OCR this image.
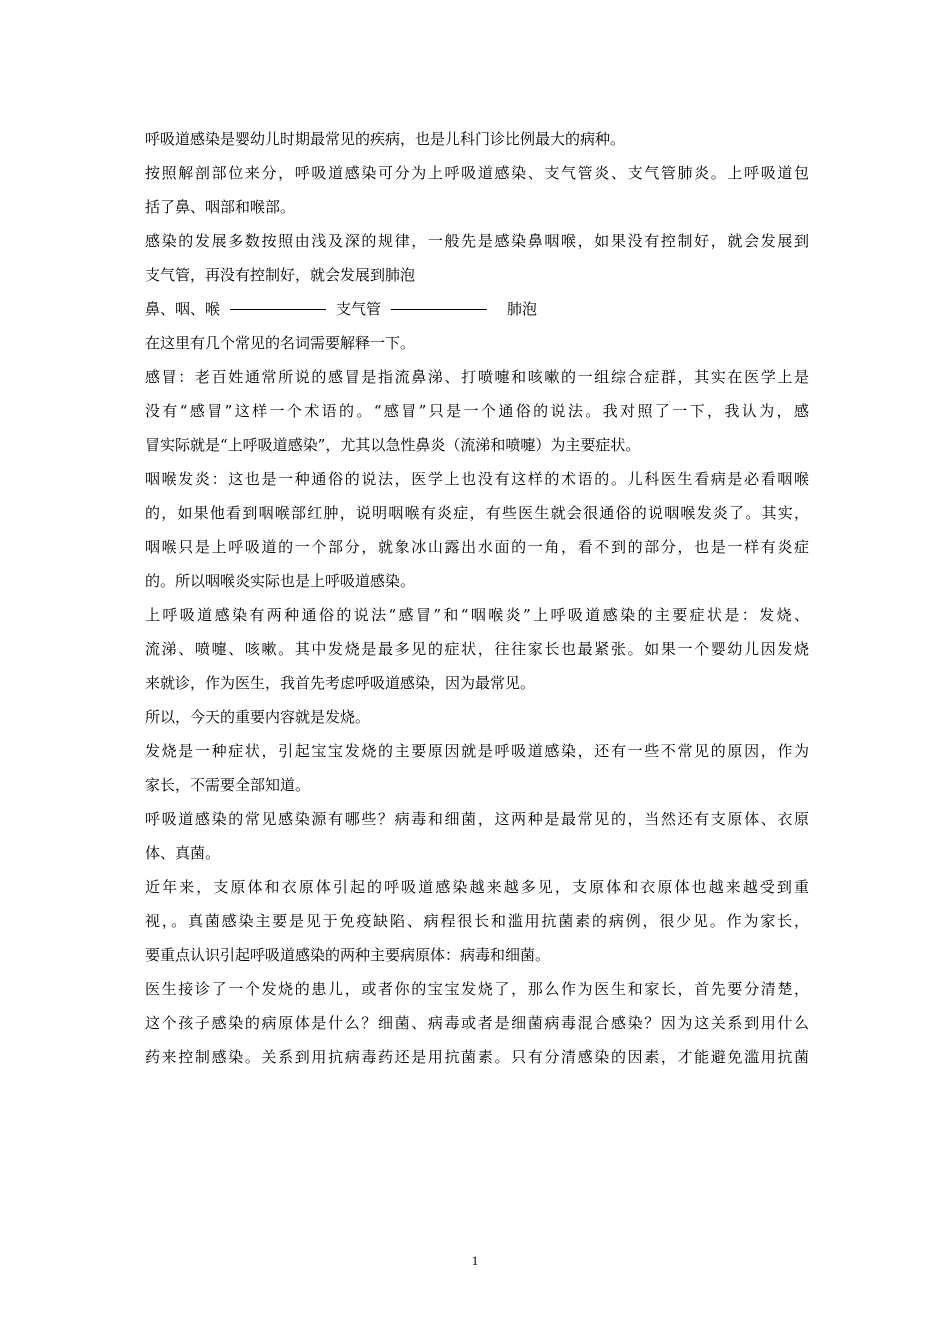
呼吸道感染是婴幼儿时期最常见的疾病，也是儿科门诊比例最大的病种。
按照解剖部位来分，呼吸道感染可分为上呼吸道感染、支气管炎、支气管肺炎。上呼吸道包
括了鼻、咽部和喉部。
感染的发展多数按照由浅及深的规律，一般先是感染鼻咽喉，如果没有控制好，就会发展到
支气管，再没有控制好，就会发展到肺泡
鼻、咽、喉	支气管	肺泡
在这里有几个常见的名词需要解释一下。
感冒：老百姓通常所说的感冒是指流鼻涕、打喷嚏和咳嗽的一组综合症群，其实在医学上是
没有“感冒”这样一个术语的。“感冒”只是一个通俗的说法。我对照了一下，我认为，感
冒实际就是“上呼吸道感染”，尤其以急性鼻炎（流涕和喷嚏）为主要症状。
咽喉发炎：这也是一种通俗的说法，医学上也没有这样的术语的。儿科医生看病是必看咽喉
的，如果他看到咽喉部红肿，说明咽喉有炎症，有些医生就会很通俗的说咽喉发炎了。其实，
咽喉只是上呼吸道的一个部分，就象冰山露出水面的一角，看不到的部分，也是一样有炎症
的。所以咽喉炎实际也是上呼吸道感染。
上呼吸道感染有两种通俗的说法“感冒”和“咽喉炎”上呼吸道感染的主要症状是：发烧、
流涕、喷嚏、咳嗽。其中发烧是最多见的症状，往往家长也最紧张。如果一个婴幼儿因发烧
来就诊，作为医生，我首先考虑呼吸道感染，因为最常见。
所以，今天的重要内容就是发烧。
发烧是一种症状，引起宝宝发烧的主要原因就是呼吸道感染，还有一些不常见的原因，作为
家长，不需要全部知道。
呼吸道感染的常见感染源有哪些？病毒和细菌，这两种是最常见的，当然还有支原体、衣原
体、真菌。
近年来，支原体和衣原体引起的呼吸道感染越来越多见，支原体和衣原体也越来越受到重
视，。真菌感染主要是见于免疫缺陷、病程很长和滥用抗菌素的病例，很少见。作为家长，
要重点认识引起呼吸道感染的两种主要病原体：病毒和细菌。
医生接诊了一个发烧的患儿，或者你的宝宝发烧了，那么作为医生和家长，首先要分清楚，
这个孩子感染的病原体是什么？细菌、病毒或者是细菌病毒混合感染？因为这关系到用什么
药来控制感染。关系到用抗病毒药还是用抗菌素。只有分清感染的因素，才能避免滥用抗菌
1
